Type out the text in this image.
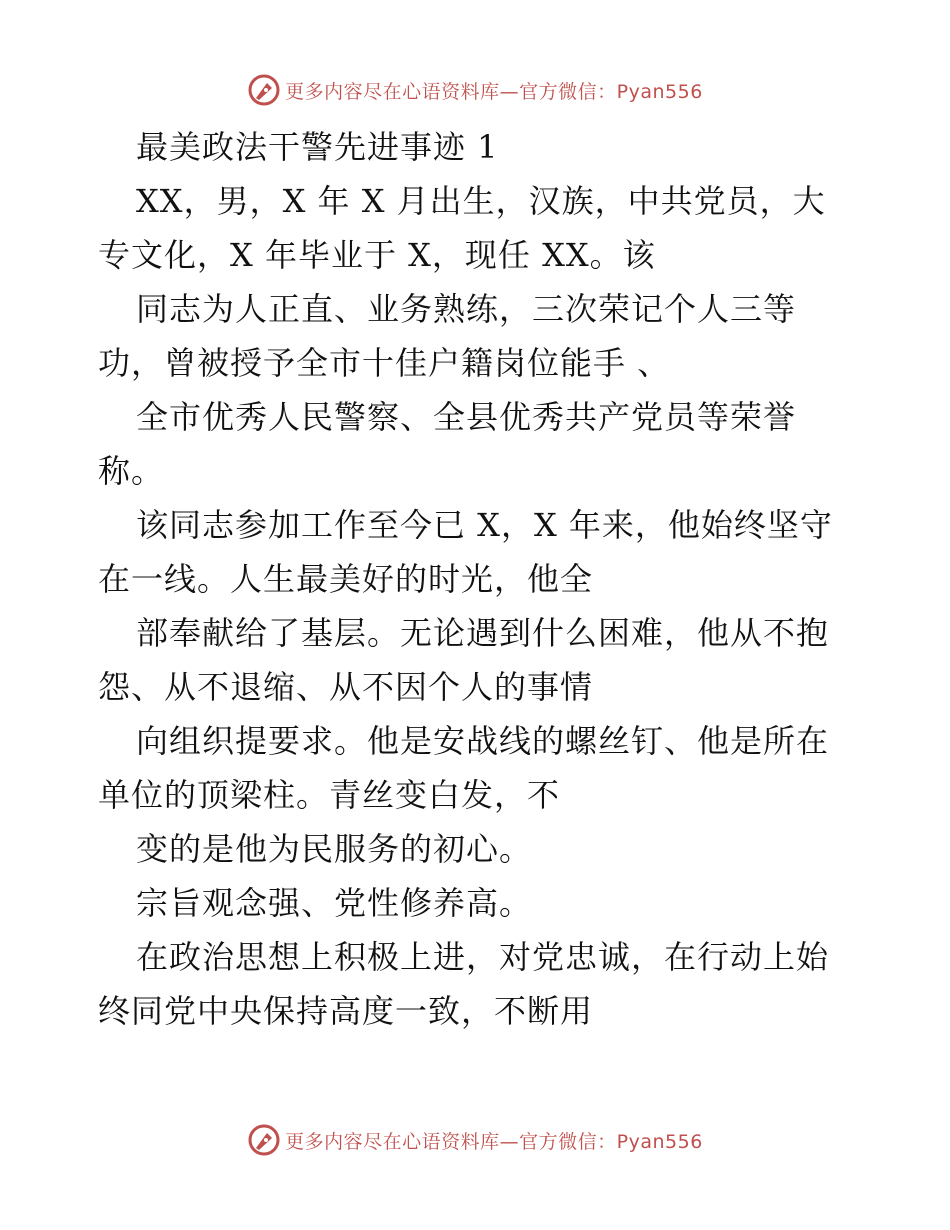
更多内容尽在心语资料库—官方微信：Pyan556
最美政法干警先进事迹 1
XX，男，X 年 X 月出生，汉族，中共党员，大
专文化，X 年毕业于 X，现任 XX。该
同志为人正直、业务熟练，三次荣记个人三等
功，曾被授予全市十佳户籍岗位能手 、
全市优秀人民警察、全县优秀共产党员等荣誉
称。
该同志参加工作至今已 X，X 年来，他始终坚守
在一线。人生最美好的时光，他全
部奉献给了基层。无论遇到什么困难，他从不抱
怨、从不退缩、从不因个人的事情
向组织提要求。他是安战线的螺丝钉、他是所在
单位的顶梁柱。青丝变白发，不
变的是他为民服务的初心。
宗旨观念强、党性修养高。
在政治思想上积极上进，对党忠诚，在行动上始
终同党中央保持高度一致，不断用
更多内容尽在心语资料库—官方微信：Pyan556
